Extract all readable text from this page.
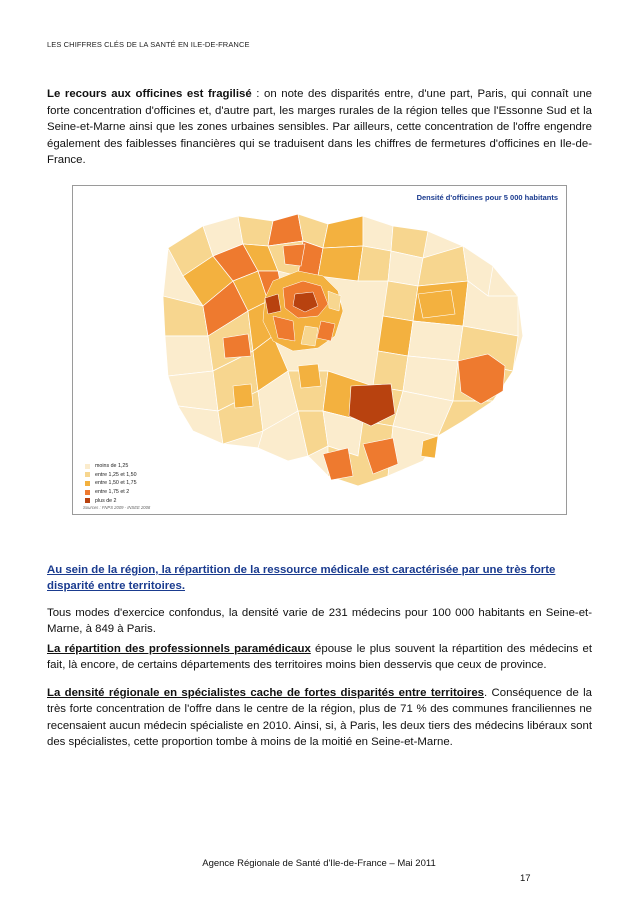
LES CHIFFRES CLÉS DE LA SANTÉ EN ILE-DE-FRANCE
Le recours aux officines est fragilisé : on note des disparités entre, d'une part, Paris, qui connaît une forte concentration d'officines et, d'autre part, les marges rurales de la région telles que l'Essonne Sud et la Seine-et-Marne ainsi que les zones urbaines sensibles. Par ailleurs, cette concentration de l'offre engendre également des faiblesses financières qui se traduisent dans les chiffres de fermetures d'officines en Ile-de-France.
Densité d'officines pour 5 000 habitants
moins de 1,25
entre 1,25 et 1,50
entre 1,50 et 1,75
entre 1,75 et 2
plus de 2
Sources : FNPS 2009 - INSEE 2008
Au sein de la région, la répartition de la ressource médicale est caractérisée par une très forte disparité entre territoires.
Tous modes d'exercice confondus, la densité varie de 231 médecins pour 100 000 habitants en Seine-et-Marne, à 849 à Paris.
La répartition des professionnels paramédicaux épouse le plus souvent la répartition des médecins et fait, là encore, de certains départements des territoires moins bien desservis que ceux de province.
La densité régionale en spécialistes cache de fortes disparités entre territoires. Conséquence de la très forte concentration de l'offre dans le centre de la région, plus de 71 % des communes franciliennes ne recensaient aucun médecin spécialiste en 2010. Ainsi, si, à Paris, les deux tiers des médecins libéraux sont des spécialistes, cette proportion tombe à moins de la moitié en Seine-et-Marne.
Agence Régionale de Santé d'Ile-de-France – Mai 2011
17
